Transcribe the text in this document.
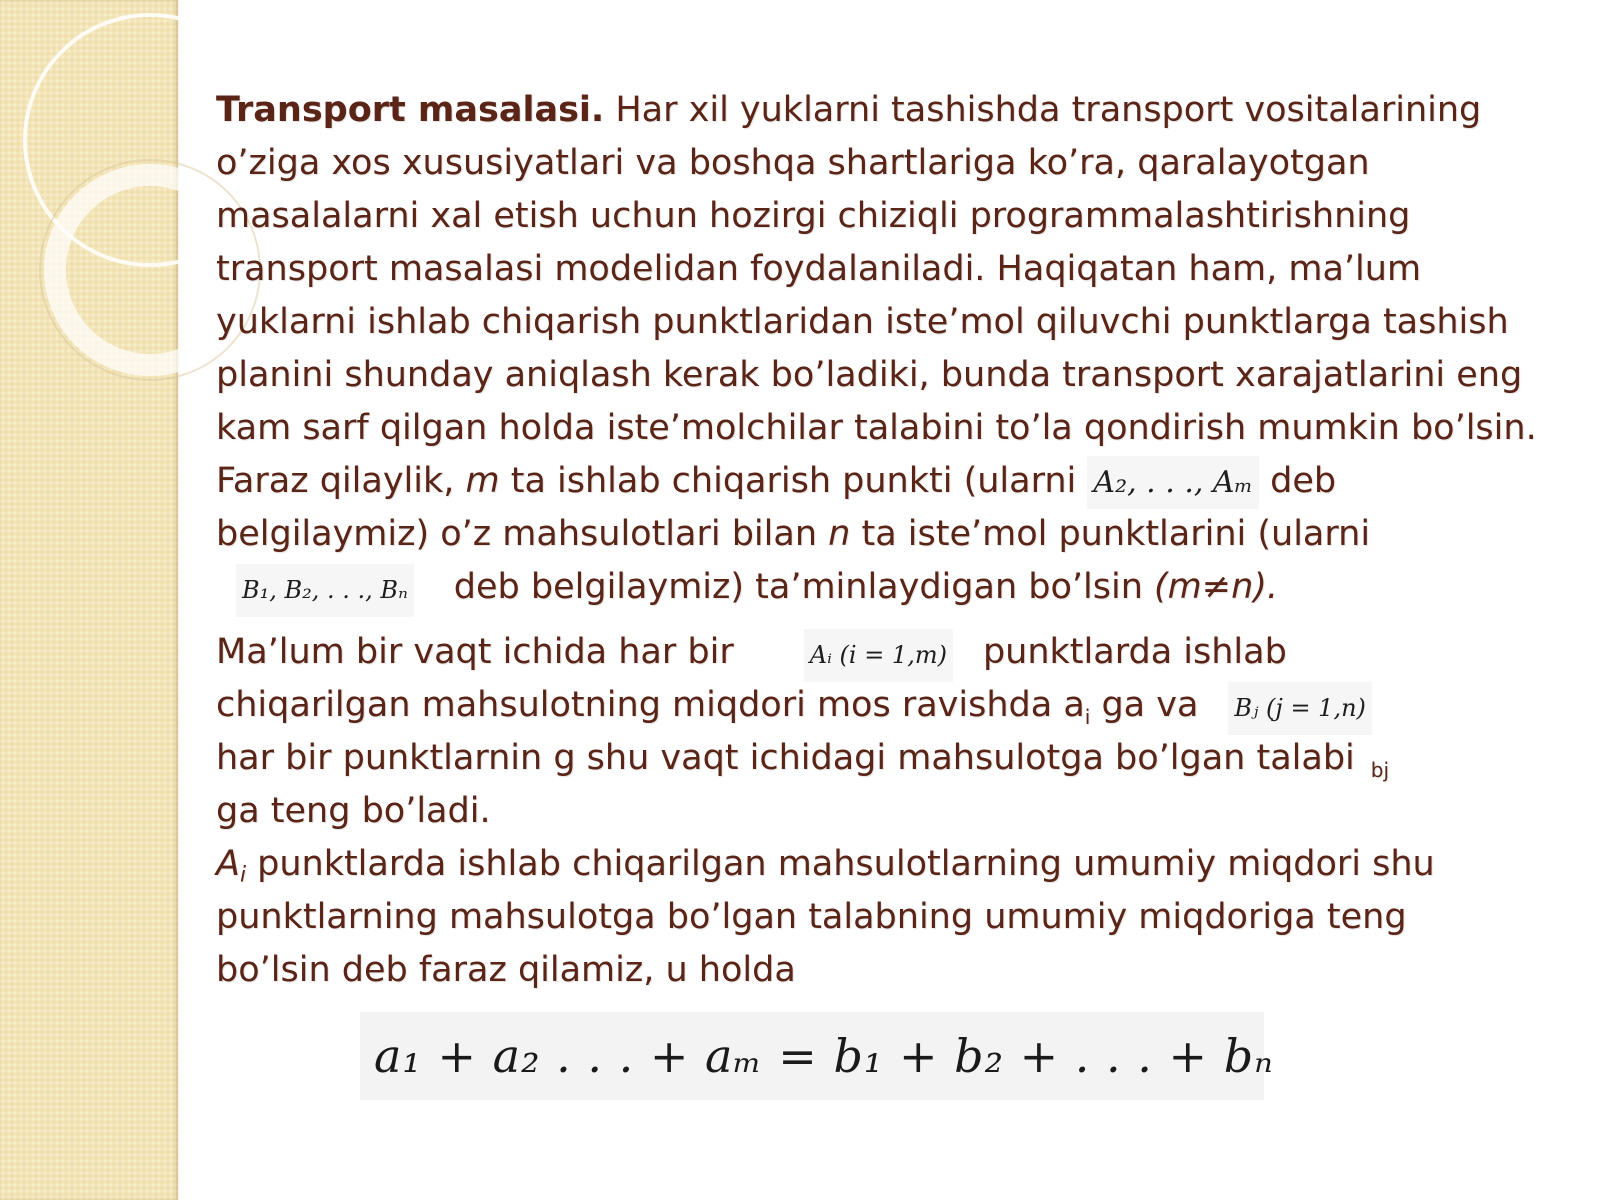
Transport masalasi. Har xil yuklarni tashishda transport vositalarining
o’ziga xos xususiyatlari va boshqa shartlariga ko’ra, qaralayotgan
masalalarni xal etish uchun hozirgi chiziqli programmalashtirishning
transport masalasi modelidan foydalaniladi. Haqiqatan ham, ma’lum
yuklarni ishlab chiqarish punktlaridan iste’mol qiluvchi punktlarga tashish
planini shunday aniqlash kerak bo’ladiki, bunda transport xarajatlarini eng
kam sarf qilgan holda iste’molchilar talabini to’la qondirish mumkin bo’lsin.
Faraz qilaylik, m ta ishlab chiqarish punkti (ularni A₂, . . ., Aₘ deb
belgilaymiz) o’z mahsulotlari bilan n ta iste’mol punktlarini (ularni
B₁, B₂, . . ., Bₙ deb belgilaymiz) ta’minlaydigan bo’lsin (m≠n).
Ma’lum bir vaqt ichida har bir	Aᵢ (i = 1,m) punktlarda ishlab
chiqarilgan mahsulotning miqdori mos ravishda $a_i$ ga va Bⱼ (j = 1,n)
har bir punktlarnin g shu vaqt ichidagi mahsulotga bo’lgan talabi $_{bj}$
ga teng bo’ladi.
$A_i$ punktlarda ishlab chiqarilgan mahsulotlarning umumiy miqdori shu
punktlarning mahsulotga bo’lgan talabning umumiy miqdoriga teng
bo’lsin deb faraz qilamiz, u holda
a₁ + a₂ . . . + aₘ = b₁ + b₂ + . . . + bₙ
